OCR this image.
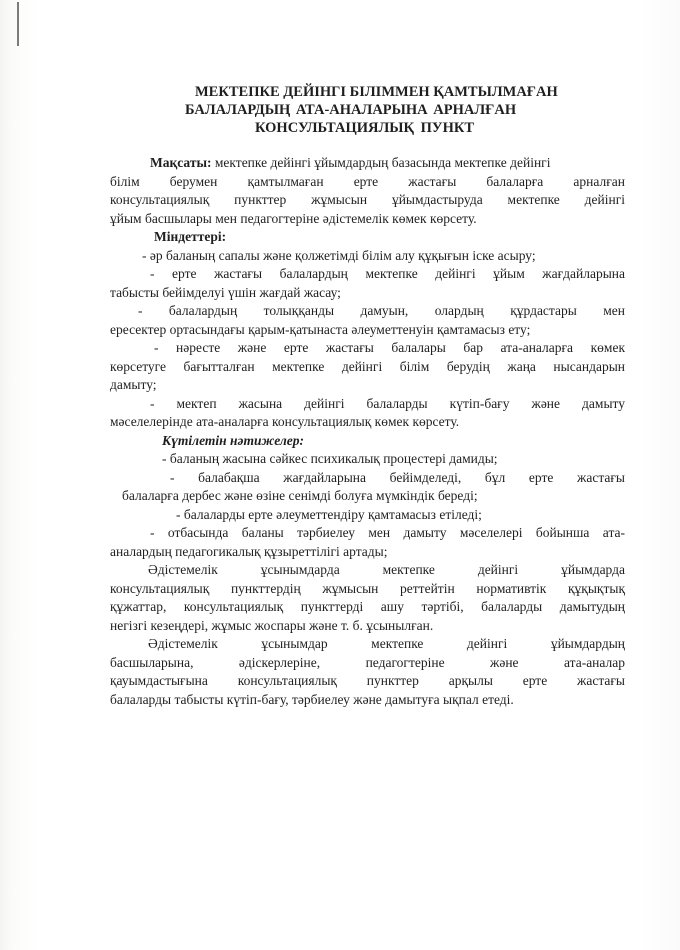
МЕКТЕПКЕ ДЕЙІНГІ БІЛІММЕН ҚАМТЫЛМАҒАН
БАЛАЛАРДЫҢ АТА-АНАЛАРЫНА АРНАЛҒАН
КОНСУЛЬТАЦИЯЛЫҚ ПУНКТ
Мақсаты: мектепке дейінгі ұйымдардың базасында мектепке дейінгі
білім берумен қамтылмаған ерте жастағы балаларға арналған
консультациялық пункттер жұмысын ұйымдастыруда мектепке дейінгі
ұйым басшылары мен педагогтеріне әдістемелік көмек көрсету.
Міндеттері:
- әр баланың сапалы және қолжетімді білім алу құқығын іске асыру;
- ерте жастағы балалардың мектепке дейінгі ұйым жағдайларына
табысты бейімделуі үшін жағдай жасау;
- балалардың толыққанды дамуын, олардың құрдастары мен
ересектер ортасындағы қарым-қатынаста әлеуметтенуін қамтамасыз ету;
- нәресте және ерте жастағы балалары бар ата-аналарға көмек
көрсетуге бағытталған мектепке дейінгі білім берудің жаңа нысандарын
дамыту;
- мектеп жасына дейінгі балаларды күтіп-бағу және дамыту
мәселелерінде ата-аналарға консультациялық көмек көрсету.
Күтілетін нәтижелер:
- баланың жасына сәйкес психикалық процестері дамиды;
- балабақша жағдайларына бейімделеді, бұл ерте жастағы
балаларға дербес және өзіне сенімді болуға мүмкіндік береді;
- балаларды ерте әлеуметтендіру қамтамасыз етіледі;
- отбасында баланы тәрбиелеу мен дамыту мәселелері бойынша ата-
аналардың педагогикалық құзыреттілігі артады;
Әдістемелік ұсынымдарда мектепке дейінгі ұйымдарда
консультациялық пункттердің жұмысын реттейтін нормативтік құқықтық
құжаттар, консультациялық пункттерді ашу тәртібі, балаларды дамытудың
негізгі кезеңдері, жұмыс жоспары және т. б. ұсынылған.
Әдістемелік ұсынымдар мектепке дейінгі ұйымдардың
басшыларына, әдіскерлеріне, педагогтеріне және ата-аналар
қауымдастығына консультациялық пункттер арқылы ерте жастағы
балаларды табысты күтіп-бағу, тәрбиелеу және дамытуға ықпал етеді.
